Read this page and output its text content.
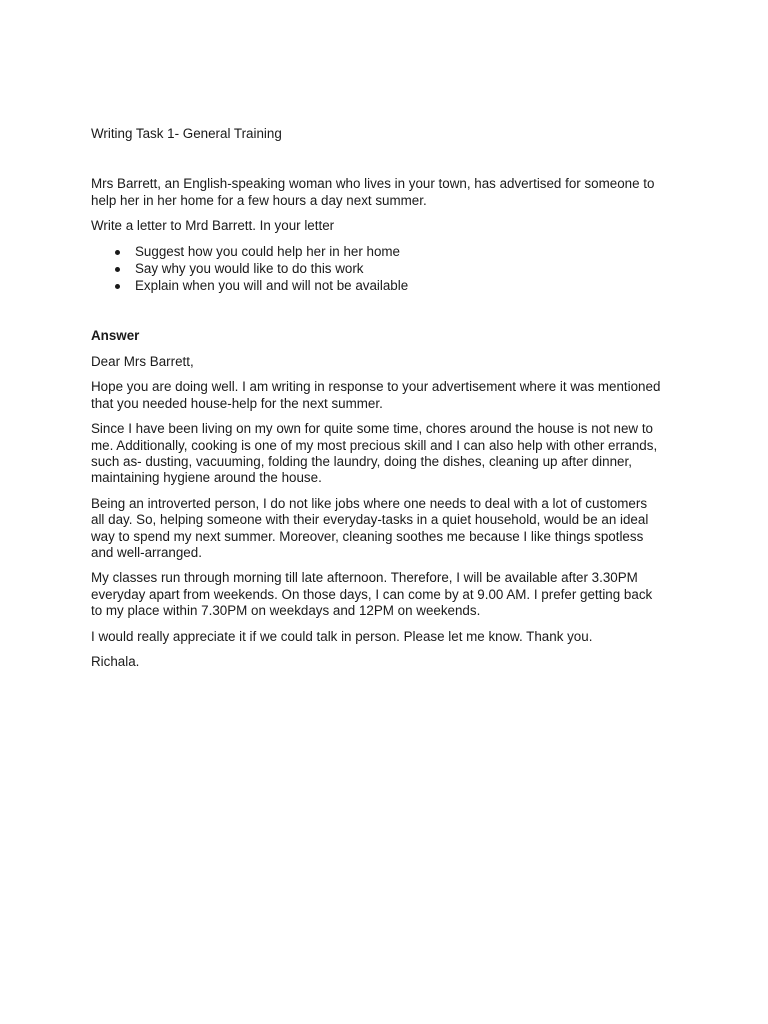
Writing Task 1- General Training

Mrs Barrett, an English-speaking woman who lives in your town, has advertised for someone to
help her in her home for a few hours a day next summer.

Write a letter to Mrd Barrett. In your letter

Suggest how you could help her in her home
Say why you would like to do this work
Explain when you will and will not be available

Answer

Dear Mrs Barrett,

Hope you are doing well. I am writing in response to your advertisement where it was mentioned
that you needed house-help for the next summer.

Since I have been living on my own for quite some time, chores around the house is not new to
me. Additionally, cooking is one of my most precious skill and I can also help with other errands,
such as- dusting, vacuuming, folding the laundry, doing the dishes, cleaning up after dinner,
maintaining hygiene around the house.

Being an introverted person, I do not like jobs where one needs to deal with a lot of customers
all day. So, helping someone with their everyday-tasks in a quiet household, would be an ideal
way to spend my next summer. Moreover, cleaning soothes me because I like things spotless
and well-arranged.

My classes run through morning till late afternoon. Therefore, I will be available after 3.30PM
everyday apart from weekends. On those days, I can come by at 9.00 AM. I prefer getting back
to my place within 7.30PM on weekdays and 12PM on weekends.

I would really appreciate it if we could talk in person. Please let me know. Thank you.

Richala.
